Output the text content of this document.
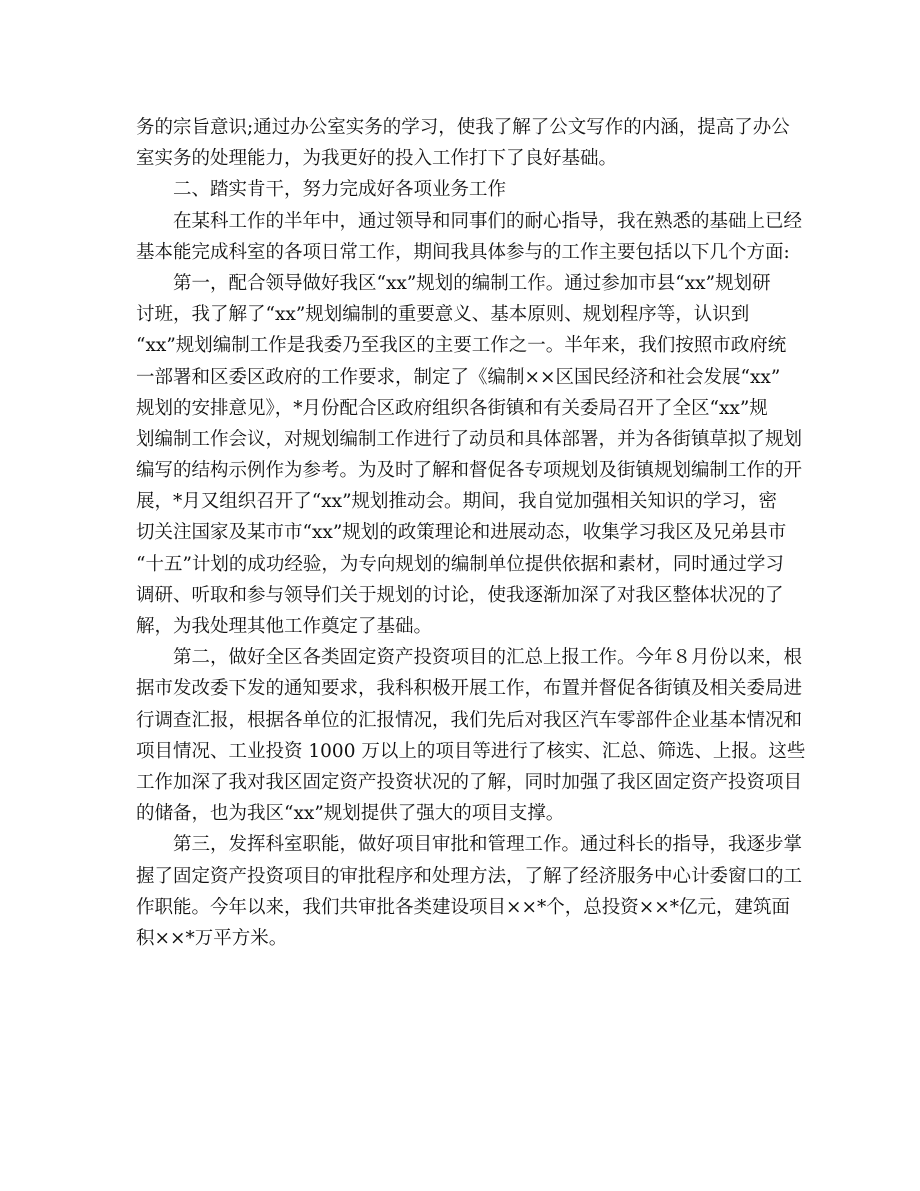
务的宗旨意识;通过办公室实务的学习，使我了解了公文写作的内涵，提高了办公
室实务的处理能力，为我更好的投入工作打下了良好基础。
二、踏实肯干，努力完成好各项业务工作
在某科工作的半年中，通过领导和同事们的耐心指导，我在熟悉的基础上已经
基本能完成科室的各项日常工作，期间我具体参与的工作主要包括以下几个方面:
第一，配合领导做好我区“xx”规划的编制工作。通过参加市县“xx”规划研
讨班，我了解了“xx”规划编制的重要意义、基本原则、规划程序等，认识到
“xx”规划编制工作是我委乃至我区的主要工作之一。半年来，我们按照市政府统
一部署和区委区政府的工作要求，制定了《编制××区国民经济和社会发展“xx”
规划的安排意见》，*月份配合区政府组织各街镇和有关委局召开了全区“xx”规
划编制工作会议，对规划编制工作进行了动员和具体部署，并为各街镇草拟了规划
编写的结构示例作为参考。为及时了解和督促各专项规划及街镇规划编制工作的开
展，*月又组织召开了“xx”规划推动会。期间，我自觉加强相关知识的学习，密
切关注国家及某市市“xx”规划的政策理论和进展动态，收集学习我区及兄弟县市
“十五”计划的成功经验，为专向规划的编制单位提供依据和素材，同时通过学习
调研、听取和参与领导们关于规划的讨论，使我逐渐加深了对我区整体状况的了
解，为我处理其他工作奠定了基础。
第二，做好全区各类固定资产投资项目的汇总上报工作。今年８月份以来，根
据市发改委下发的通知要求，我科积极开展工作，布置并督促各街镇及相关委局进
行调查汇报，根据各单位的汇报情况，我们先后对我区汽车零部件企业基本情况和
项目情况、工业投资 1000 万以上的项目等进行了核实、汇总、筛选、上报。这些
工作加深了我对我区固定资产投资状况的了解，同时加强了我区固定资产投资项目
的储备，也为我区“xx”规划提供了强大的项目支撑。
第三，发挥科室职能，做好项目审批和管理工作。通过科长的指导，我逐步掌
握了固定资产投资项目的审批程序和处理方法，了解了经济服务中心计委窗口的工
作职能。今年以来，我们共审批各类建设项目××*个，总投资××*亿元，建筑面
积××*万平方米。
